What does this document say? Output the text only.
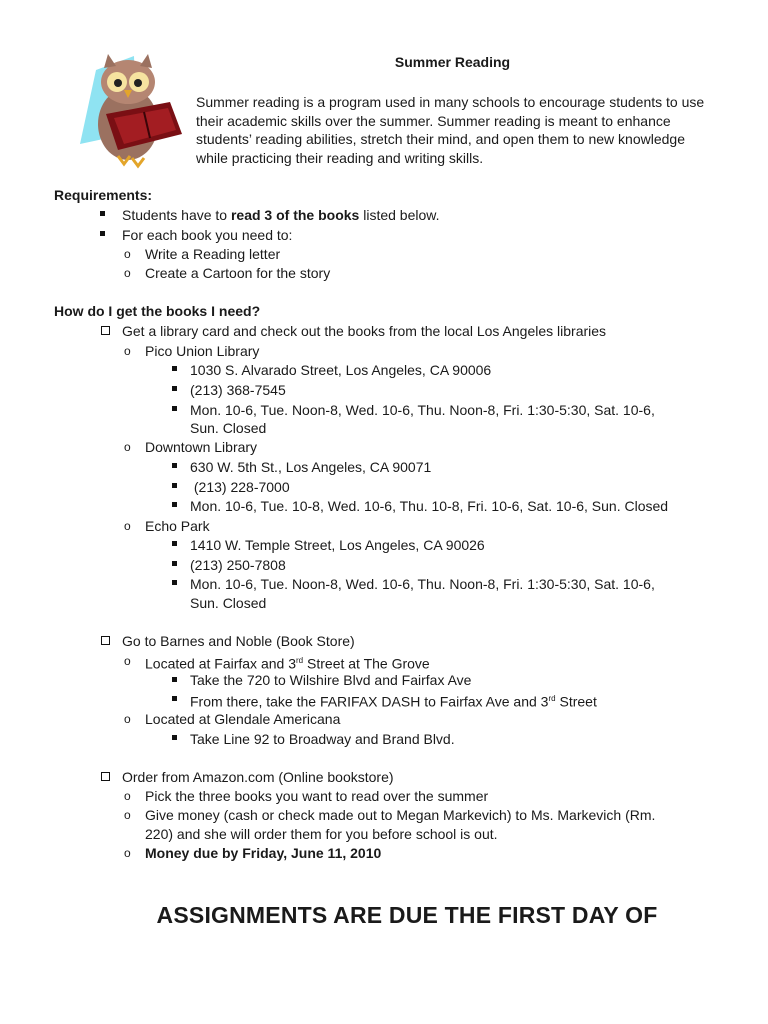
Summer Reading
Summer reading is a program used in many schools to encourage students to use their academic skills over the summer. Summer reading is meant to enhance students’ reading abilities, stretch their mind, and open them to new knowledge while practicing their reading and writing skills.
Requirements:
Students have to read 3 of the books listed below.
For each book you need to:
o Write a Reading letter
o Create a Cartoon for the story
How do I get the books I need?
Get a library card and check out the books from the local Los Angeles libraries
o Pico Union Library
1030 S. Alvarado Street, Los Angeles, CA 90006
(213) 368-7545
Mon. 10-6, Tue. Noon-8, Wed. 10-6, Thu. Noon-8, Fri. 1:30-5:30, Sat. 10-6,
Sun. Closed
o Downtown Library
630 W. 5th St., Los Angeles, CA 90071
(213) 228-7000
Mon. 10-6, Tue. 10-8, Wed. 10-6, Thu. 10-8, Fri. 10-6, Sat. 10-6, Sun. Closed
o Echo Park
1410 W. Temple Street, Los Angeles, CA 90026
(213) 250-7808
Mon. 10-6, Tue. Noon-8, Wed. 10-6, Thu. Noon-8, Fri. 1:30-5:30, Sat. 10-6,
Sun. Closed
Go to Barnes and Noble (Book Store)
o Located at Fairfax and 3rd Street at The Grove
Take the 720 to Wilshire Blvd and Fairfax Ave
From there, take the FARIFAX DASH to Fairfax Ave and 3rd Street
o Located at Glendale Americana
Take Line 92 to Broadway and Brand Blvd.
Order from Amazon.com (Online bookstore)
o Pick the three books you want to read over the summer
o Give money (cash or check made out to Megan Markevich) to Ms. Markevich (Rm.
220) and she will order them for you before school is out.
o Money due by Friday, June 11, 2010
ASSIGNMENTS ARE DUE THE FIRST DAY OF
